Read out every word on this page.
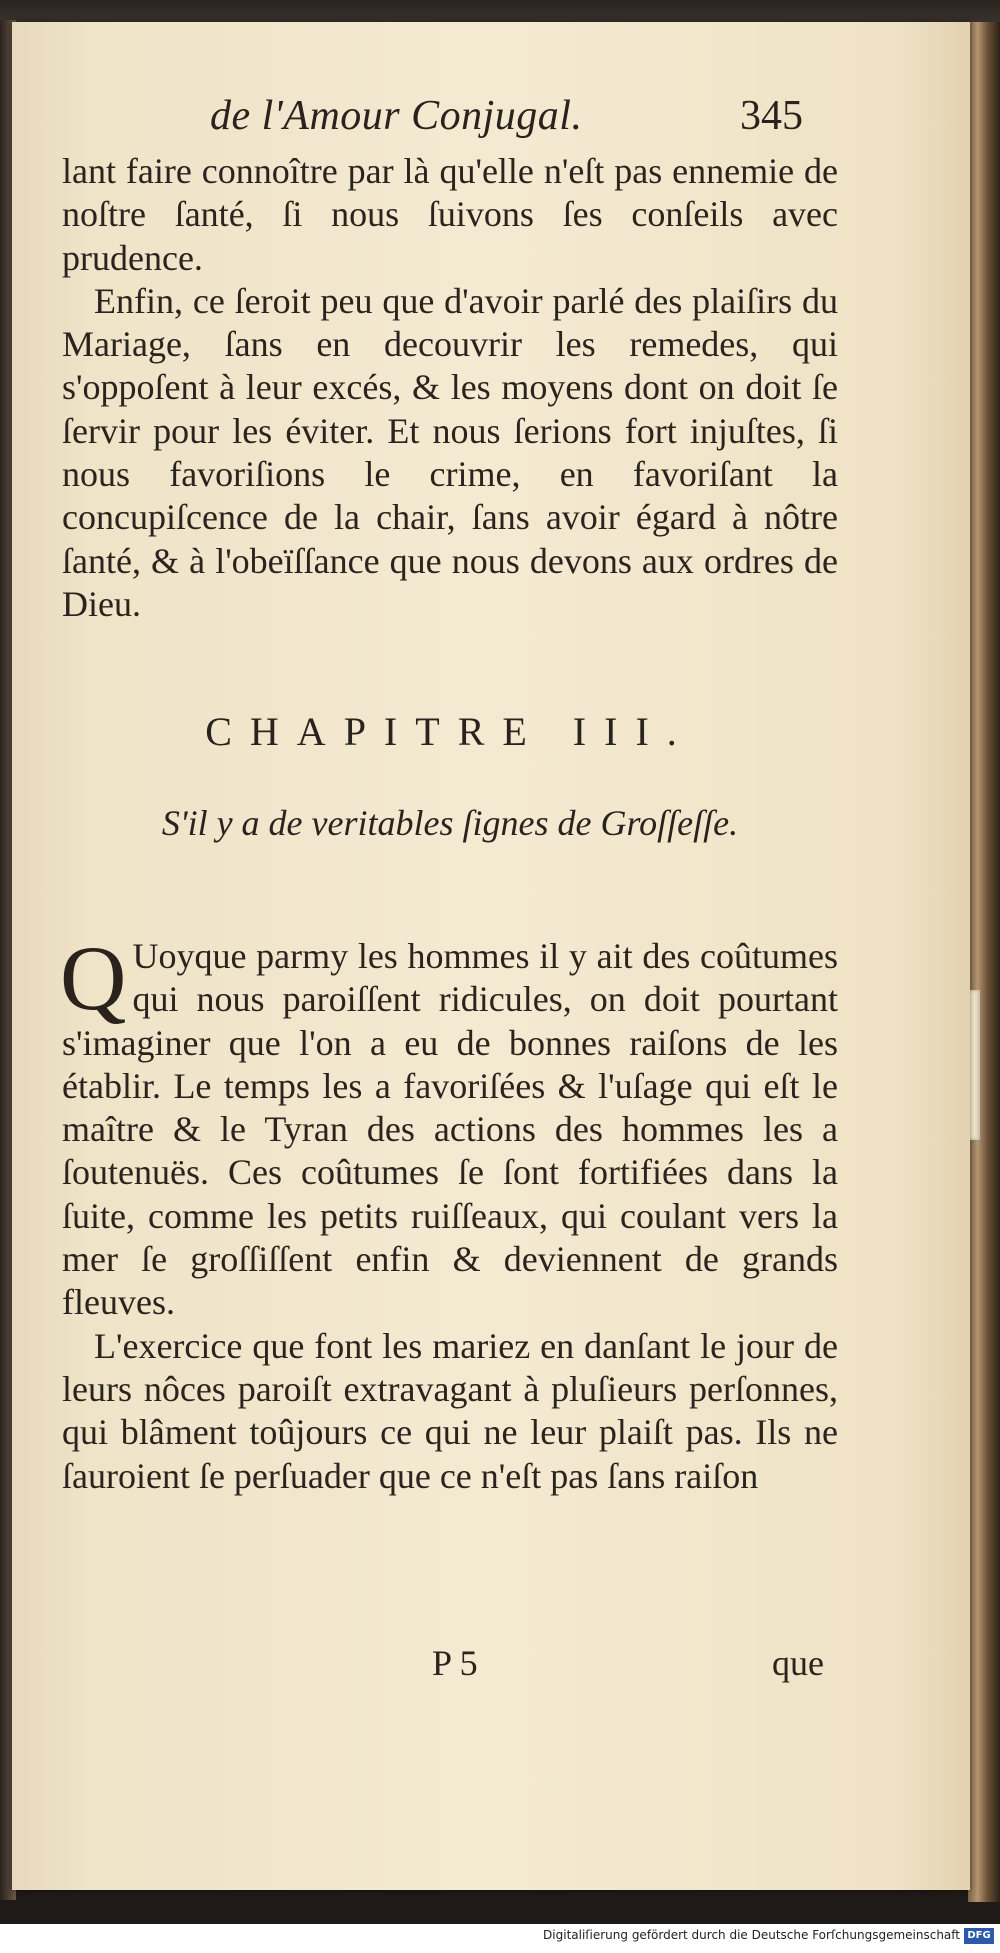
de l'Amour Conjugal.	345

lant faire connoître par là qu'elle n'eſt pas ennemie de noſtre ſanté, ſi nous ſuivons ſes conſeils avec prudence.

Enfin, ce ſeroit peu que d'avoir parlé des plaiſirs du Mariage, ſans en decouvrir les remedes, qui s'oppoſent à leur excés, & les moyens dont on doit ſe ſervir pour les éviter. Et nous ſerions fort injuſtes, ſi nous favoriſions le crime, en favoriſant la concupiſcence de la chair, ſans avoir égard à nôtre ſanté, & à l'obeïſſance que nous devons aux ordres de Dieu.

CHAPITRE III.
S'il y a de veritables ſignes de Groſſeſſe.

Q Uoyque parmy les hommes il y ait des coûtumes qui nous paroiſſent ridicules, on doit pourtant s'imaginer que l'on a eu de bonnes raiſons de les établir. Le temps les a favoriſées & l'uſage qui eſt le maître & le Tyran des actions des hommes les a ſoutenuës. Ces coûtumes ſe ſont fortifiées dans la ſuite, comme les petits ruiſſeaux, qui coulant vers la mer ſe groſſiſſent enfin & deviennent de grands fleuves.

L'exercice que font les mariez en danſant le jour de leurs nôces paroiſt extravagant à pluſieurs perſonnes, qui blâment toûjours ce qui ne leur plaiſt pas. Ils ne ſauroient ſe perſuader que ce n'eſt pas ſans raiſon

P 5	que
Digitaliſierung gefördert durch die Deutsche Forſchungsgemeinschaft DFG
